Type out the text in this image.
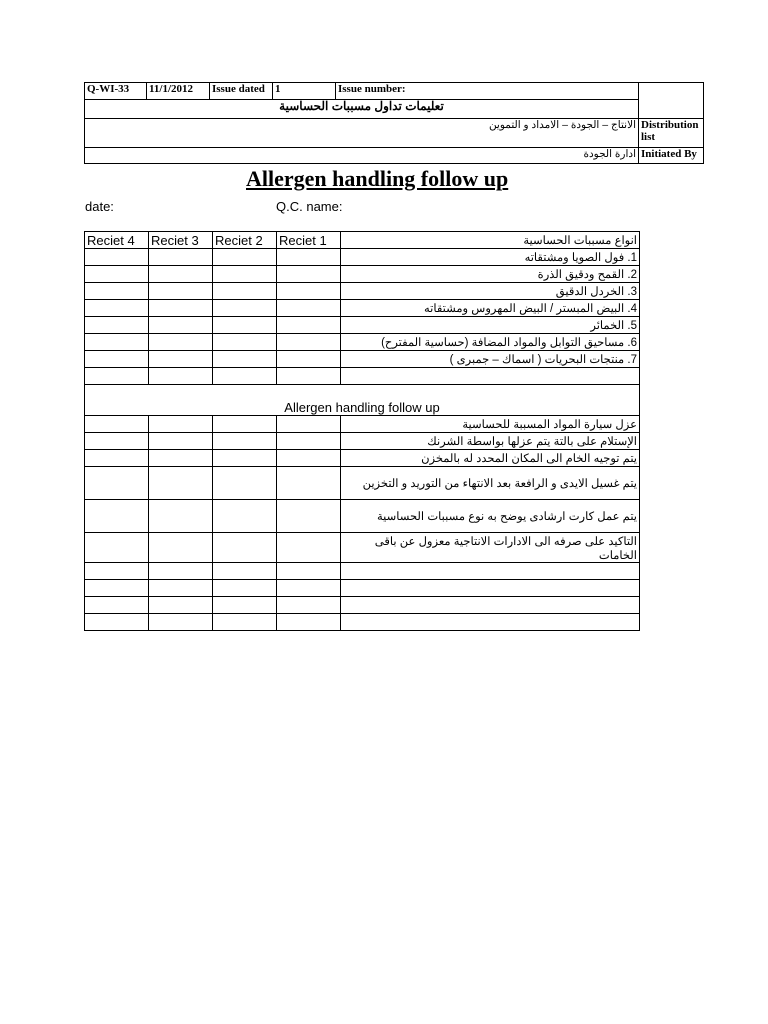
Q-WI-33	11/1/2012	Issue dated	1	Issue number:	
تعليمات تداول مسببات الحساسية					
الانتاج – الجودة – الامداد و التموين					Distribution list
ادارة الجودة					Initiated By
Allergen handling follow up
date:	Q.C. name:
Reciet 4	Reciet 3	Reciet 2	Reciet 1	انواع مسببات الحساسية
				1. فول الصويا ومشتقاته
				2. القمح ودقيق الذرة
				3. الخردل الدقيق
				4. البيض المبستر / البيض المهروس ومشتقاته
				5. الخمائر
				6. مساحيق التوابل والمواد المضافة (حساسية المفترح)
				7. منتجات البحريات ( اسماك – جمبرى )

Allergen handling follow up				
				عزل سيارة المواد المسببة للحساسية
				الإستلام على بالتة يتم عزلها بواسطة الشرنك
				يتم توجيه الخام الى المكان المحدد له بالمخزن
				يتم غسيل الايدى و الرافعة بعد الانتهاء من التوريد و التخزين
				يتم عمل كارت ارشادى يوضح به نوع مسببات الحساسية
				التاكيد على صرفه الى الادارات الانتاجية معزول عن باقى الخامات
